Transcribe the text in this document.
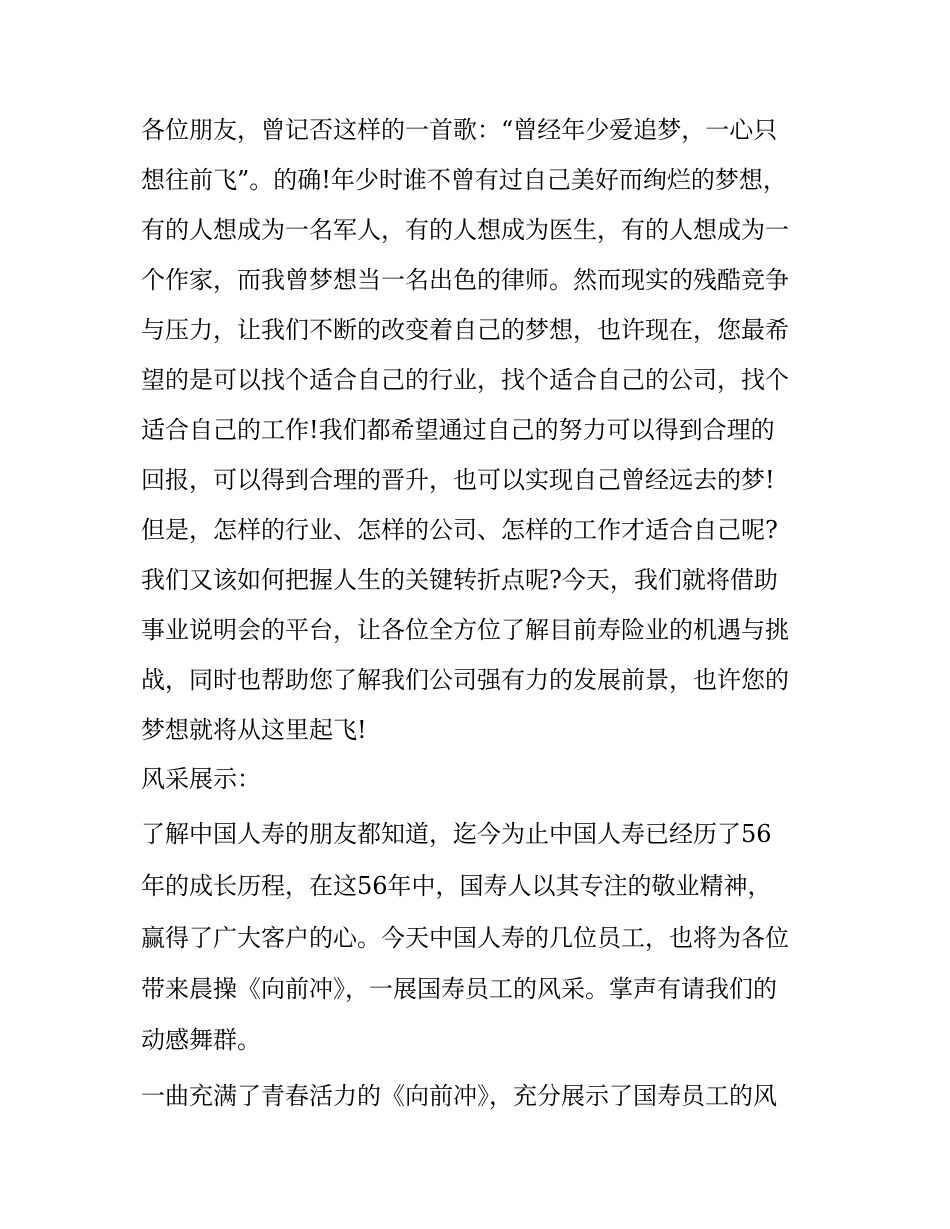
各位朋友，曾记否这样的一首歌：“曾经年少爱追梦，一心只
想往前飞”。的确!年少时谁不曾有过自己美好而绚烂的梦想，
有的人想成为一名军人，有的人想成为医生，有的人想成为一
个作家，而我曾梦想当一名出色的律师。然而现实的残酷竞争
与压力，让我们不断的改变着自己的梦想，也许现在，您最希
望的是可以找个适合自己的行业，找个适合自己的公司，找个
适合自己的工作!我们都希望通过自己的努力可以得到合理的
回报，可以得到合理的晋升，也可以实现自己曾经远去的梦!
但是，怎样的行业、怎样的公司、怎样的工作才适合自己呢?
我们又该如何把握人生的关键转折点呢?今天，我们就将借助
事业说明会的平台，让各位全方位了解目前寿险业的机遇与挑
战，同时也帮助您了解我们公司强有力的发展前景，也许您的
梦想就将从这里起飞!
风采展示：
了解中国人寿的朋友都知道，迄今为止中国人寿已经历了56
年的成长历程，在这56年中，国寿人以其专注的敬业精神，
赢得了广大客户的心。今天中国人寿的几位员工，也将为各位
带来晨操《向前冲》，一展国寿员工的风采。掌声有请我们的
动感舞群。
一曲充满了青春活力的《向前冲》，充分展示了国寿员工的风
